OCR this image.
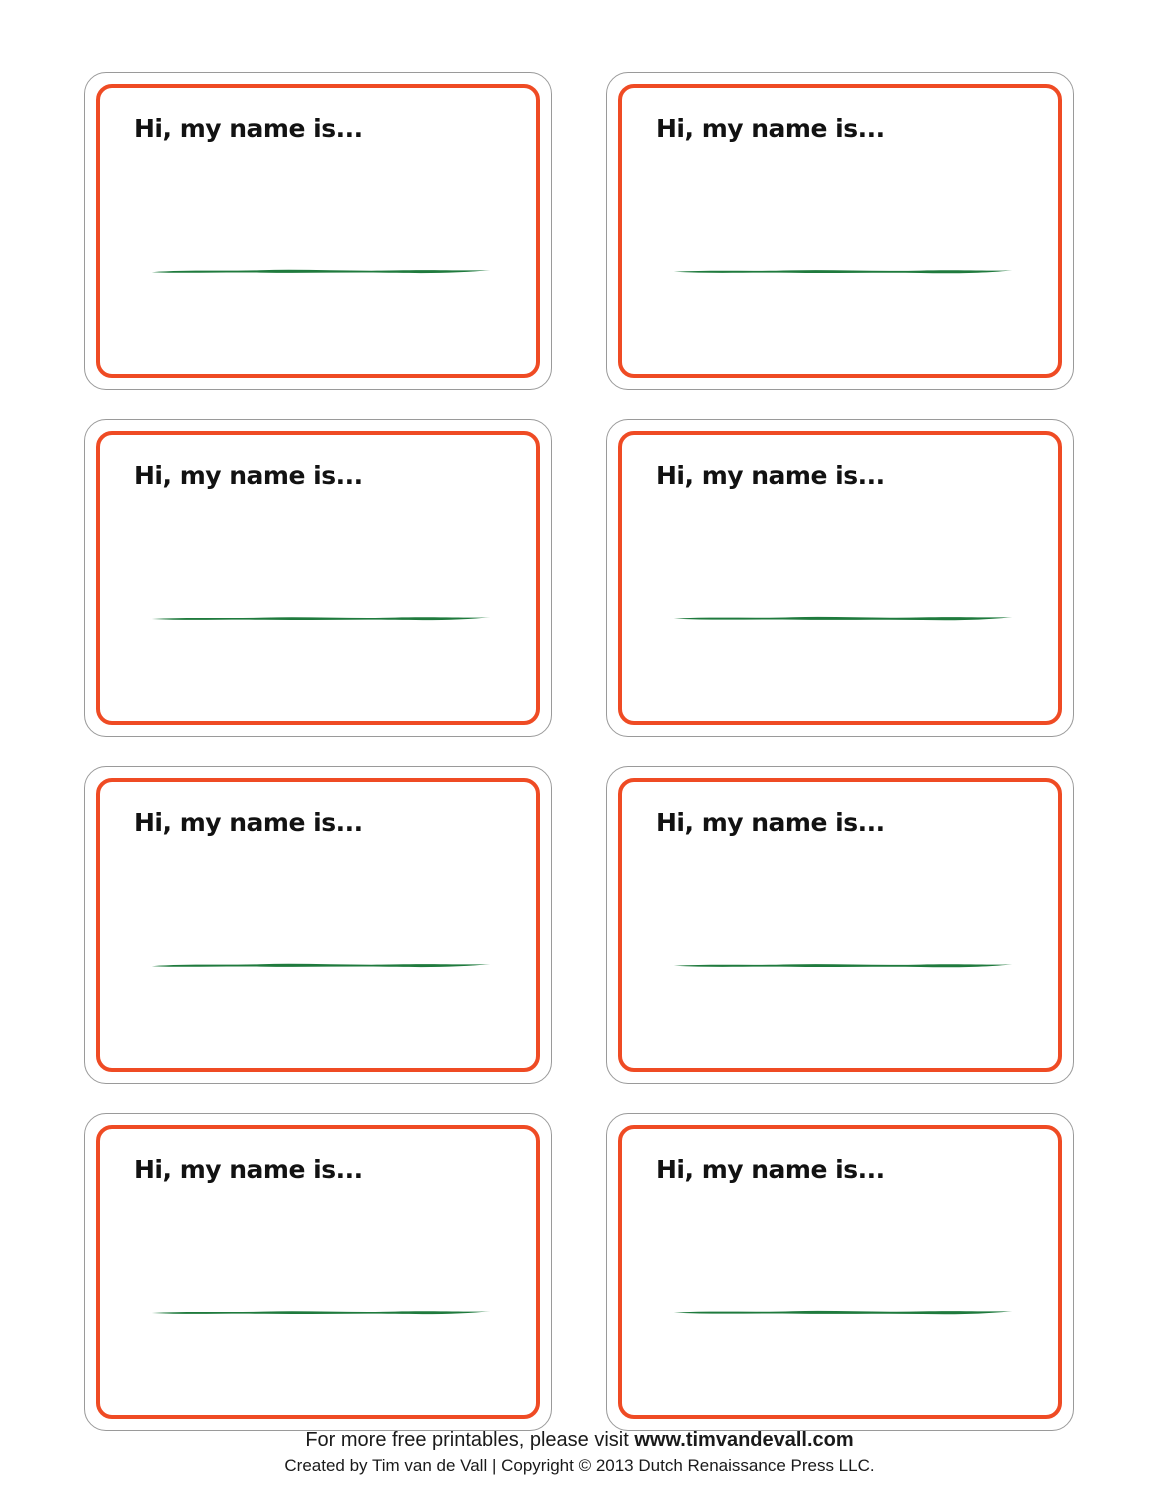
Hi, my name is...	Hi, my name is...
Hi, my name is...	Hi, my name is...
Hi, my name is...	Hi, my name is...
Hi, my name is...	Hi, my name is...
For more free printables, please visit www.timvandevall.com
Created by Tim van de Vall | Copyright © 2013 Dutch Renaissance Press LLC.
